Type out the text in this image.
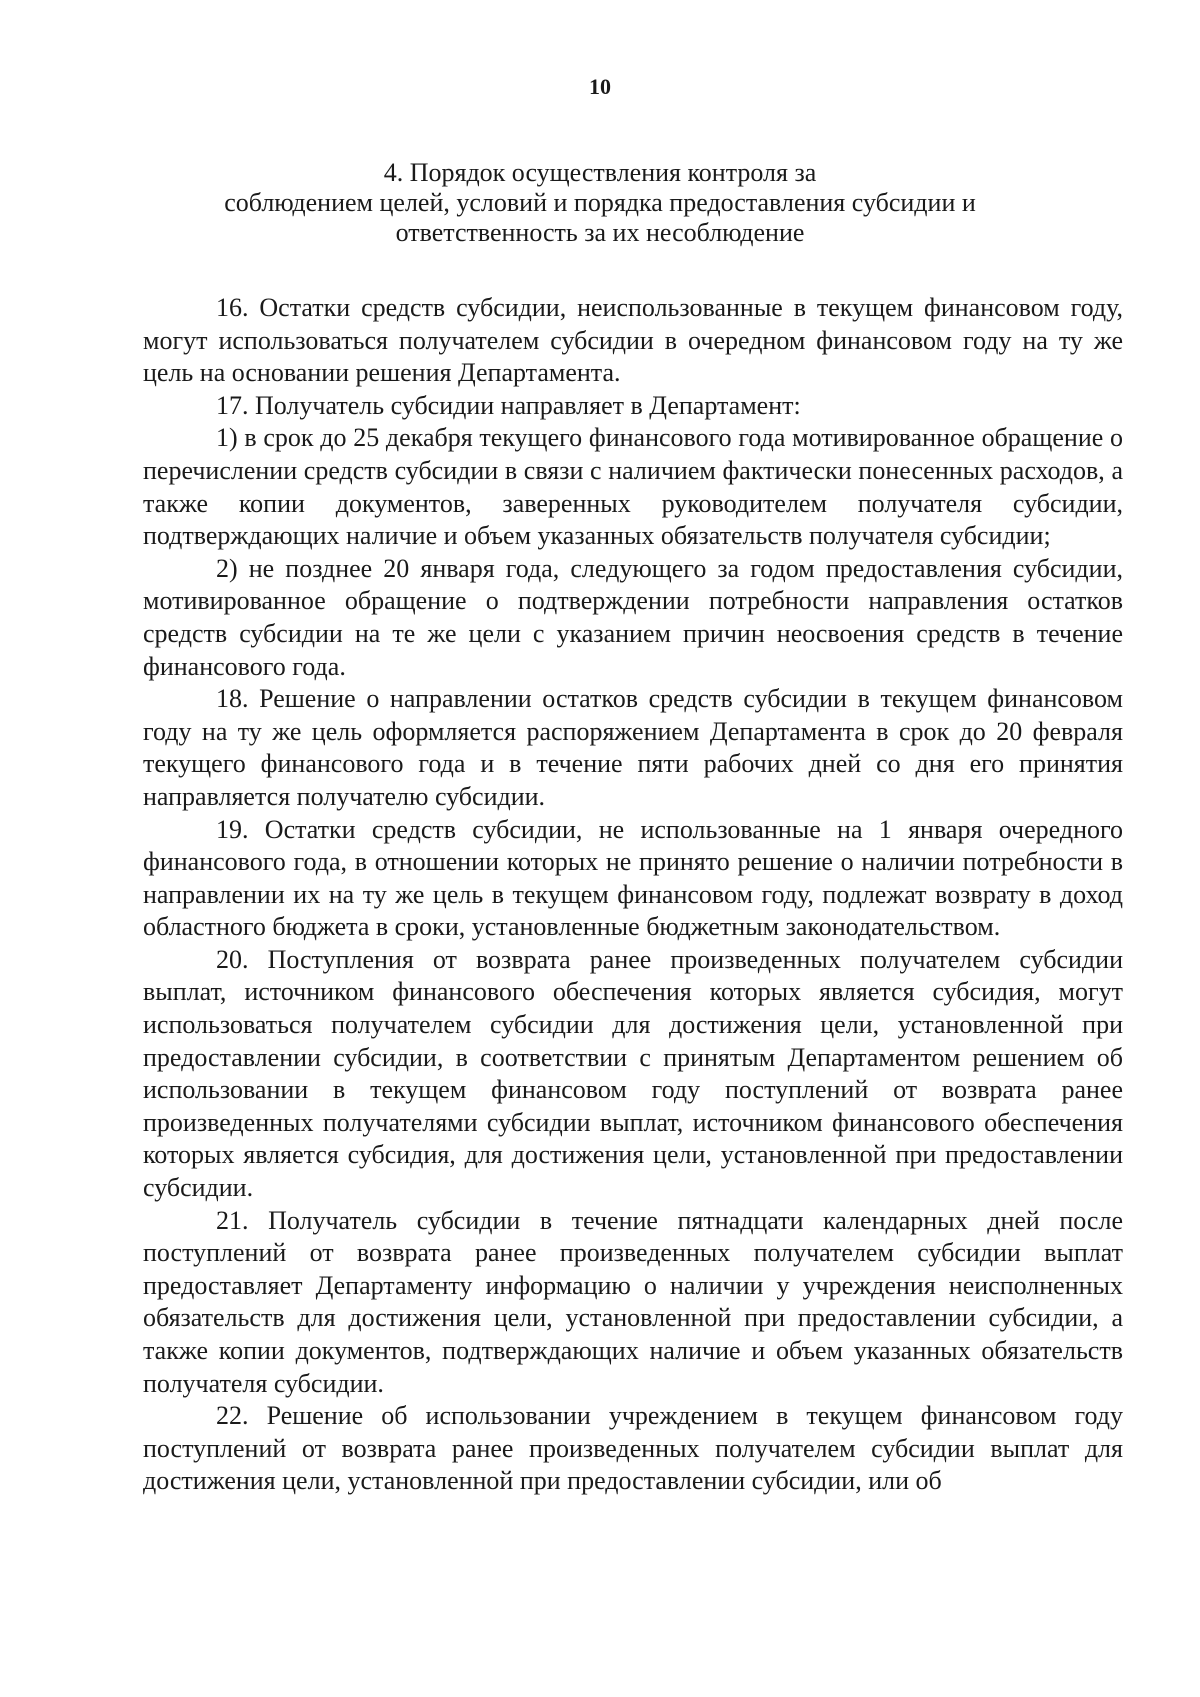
10
4. Порядок осуществления контроля за
соблюдением целей, условий и порядка предоставления субсидии и
ответственность за их несоблюдение

16. Остатки средств субсидии, неиспользованные в текущем финансовом году, могут использоваться получателем субсидии в очередном финансовом году на ту же цель на основании решения Департамента.

17. Получатель субсидии направляет в Департамент:

1) в срок до 25 декабря текущего финансового года мотивированное обращение о перечислении средств субсидии в связи с наличием фактически понесенных расходов, а также копии документов, заверенных руководителем получателя субсидии, подтверждающих наличие и объем указанных обязательств получателя субсидии;

2) не позднее 20 января года, следующего за годом предоставления субсидии, мотивированное обращение о подтверждении потребности направления остатков средств субсидии на те же цели с указанием причин неосвоения средств в течение финансового года.

18. Решение о направлении остатков средств субсидии в текущем финансовом году на ту же цель оформляется распоряжением Департамента в срок до 20 февраля текущего финансового года и в течение пяти рабочих дней со дня его принятия направляется получателю субсидии.

19. Остатки средств субсидии, не использованные на 1 января очередного финансового года, в отношении которых не принято решение о наличии потребности в направлении их на ту же цель в текущем финансовом году, подлежат возврату в доход областного бюджета в сроки, установленные бюджетным законодательством.

20. Поступления от возврата ранее произведенных получателем субсидии выплат, источником финансового обеспечения которых является субсидия, могут использоваться получателем субсидии для достижения цели, установленной при предоставлении субсидии, в соответствии с принятым Департаментом решением об использовании в текущем финансовом году поступлений от возврата ранее произведенных получателями субсидии выплат, источником финансового обеспечения которых является субсидия, для достижения цели, установленной при предоставлении субсидии.

21. Получатель субсидии в течение пятнадцати календарных дней после поступлений от возврата ранее произведенных получателем субсидии выплат предоставляет Департаменту информацию о наличии у учреждения неисполненных обязательств для достижения цели, установленной при предоставлении субсидии, а также копии документов, подтверждающих наличие и объем указанных обязательств получателя субсидии.

22. Решение об использовании учреждением в текущем финансовом году поступлений от возврата ранее произведенных получателем субсидии выплат для достижения цели, установленной при предоставлении субсидии, или об
